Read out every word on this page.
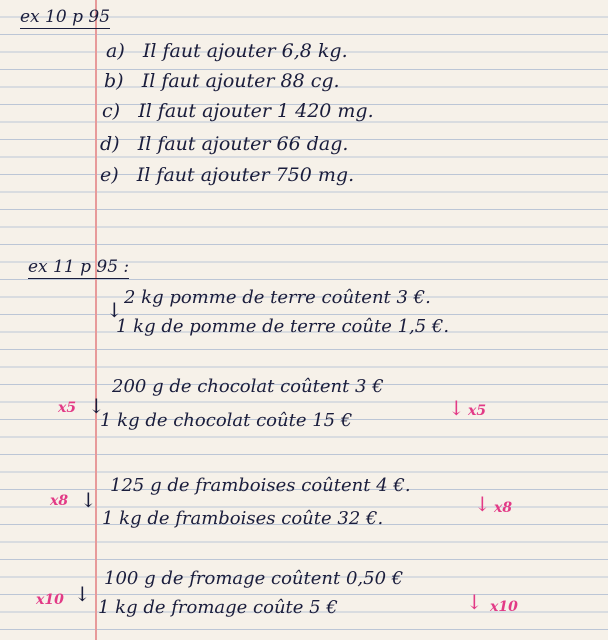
ex 10 p 95
a) Il faut ajouter 6,8 kg.
b) Il faut ajouter 88 cg.
c) Il faut ajouter 1 420 mg.
d) Il faut ajouter 66 dag.
e) Il faut ajouter 750 mg.
ex 11 p 95 :
↓
2 kg pomme de terre coûtent 3 €.
1 kg de pomme de terre coûte 1,5 €.
x5 ↓
200 g de chocolat coûtent 3 €
1 kg de chocolat coûte 15 €
↓ x5
x8 ↓
125 g de framboises coûtent 4 €.
1 kg de framboises coûte 32 €.
↓ x8
x10 ↓
100 g de fromage coûtent 0,50 €
1 kg de fromage coûte 5 €	↓ x10
